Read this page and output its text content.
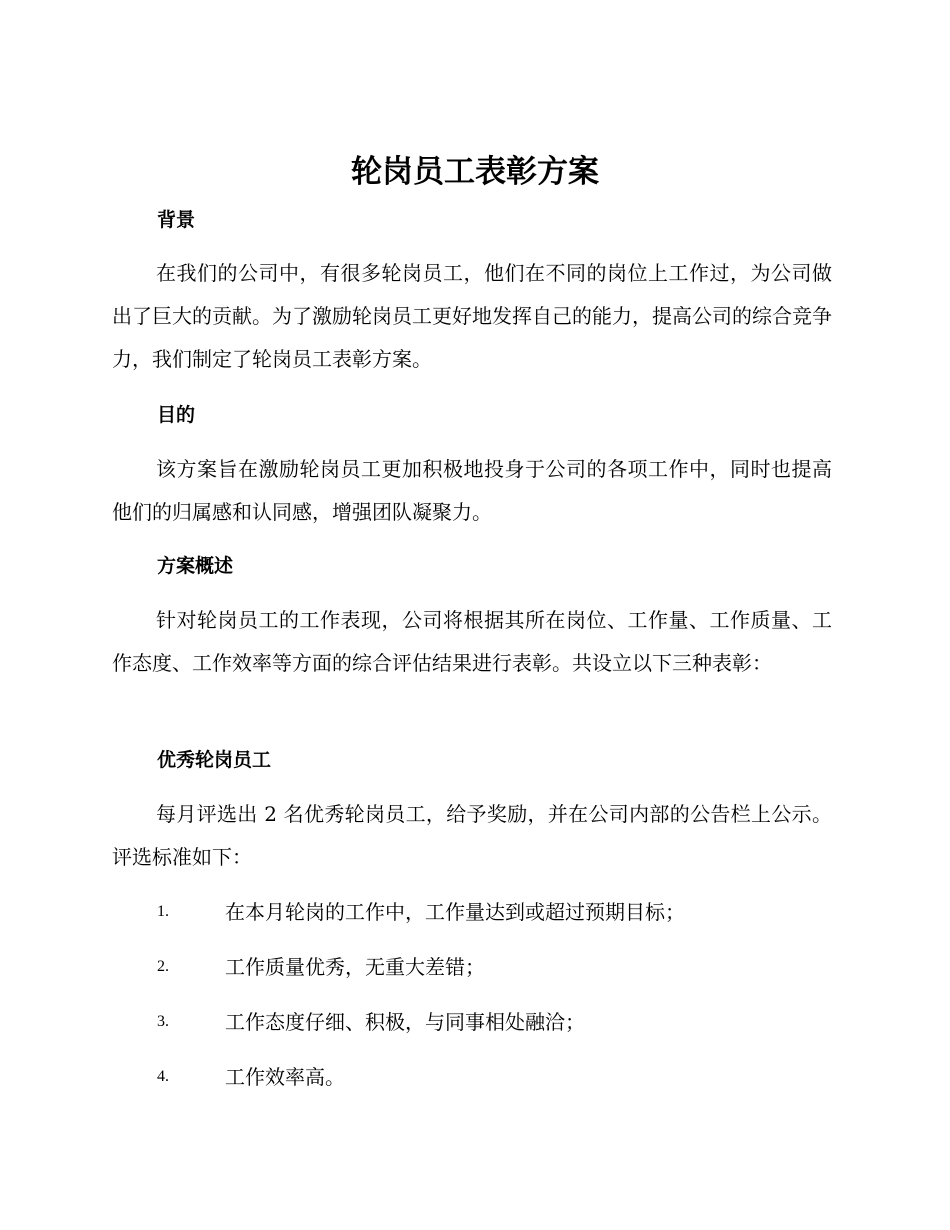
轮岗员工表彰方案
背景

在我们的公司中，有很多轮岗员工，他们在不同的岗位上工作过，为公司做出了巨大的贡献。为了激励轮岗员工更好地发挥自己的能力，提高公司的综合竞争力，我们制定了轮岗员工表彰方案。

目的

该方案旨在激励轮岗员工更加积极地投身于公司的各项工作中，同时也提高他们的归属感和认同感，增强团队凝聚力。

方案概述

针对轮岗员工的工作表现，公司将根据其所在岗位、工作量、工作质量、工作态度、工作效率等方面的综合评估结果进行表彰。共设立以下三种表彰：

优秀轮岗员工

每月评选出 2 名优秀轮岗员工，给予奖励，并在公司内部的公告栏上公示。评选标准如下：

1.	在本月轮岗的工作中，工作量达到或超过预期目标；
2.	工作质量优秀，无重大差错；
3.	工作态度仔细、积极，与同事相处融洽；
4.	工作效率高。
